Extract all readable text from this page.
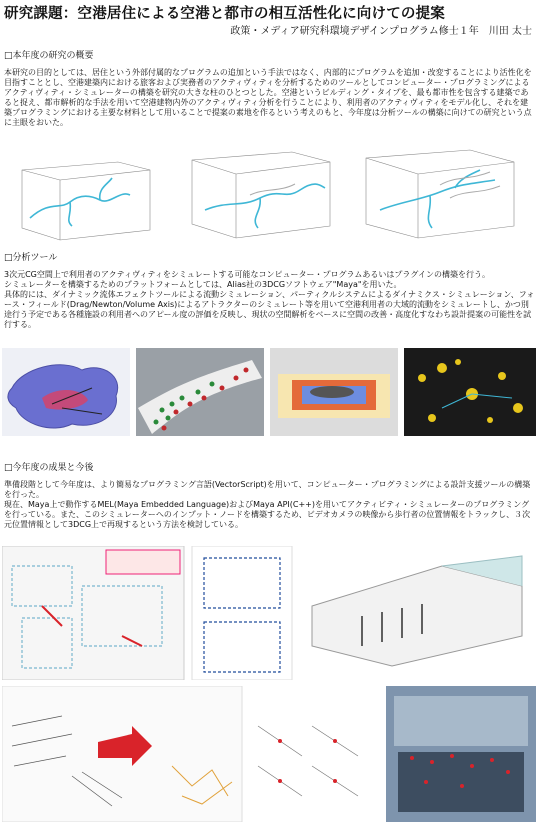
研究課題：空港居住による空港と都市の相互活性化に向けての提案
政策・メディア研究科環境デザインプログラム修士１年　川田 太士
□本年度の研究の概要

本研究の目的としては、居住という外部付属的なプログラムの追加という手法ではなく、内部的にプログラムを追加・改変することにより活性化を目指すこととし、空港建築内における旅客および実務者のアクティヴィティを分析するためのツールとしてコンピューター・プログラミングによるアクティヴィティ・シミュレーターの構築を研究の大きな柱のひとつとした。空港というビルディング・タイプを、最も都市性を包含する建築であると捉え、都市解析的な手法を用いて空港建物内外のアクティヴィティ分析を行うことにより、利用者のアクティヴィティをモデル化し、それを建築プログラミングにおける主要な材料として用いることで提案の素地を作るという考えのもと、今年度は分析ツールの構築に向けての研究という点に主眼をおいた。

□分析ツール

3次元CG空間上で利用者のアクティヴィティをシミュレートする可能なコンピューター・プログラムあるいはプラグインの構築を行う。

シミュレーターを構築するためのプラットフォームとしては、Alias社の3DCGソフトウェア"Maya"を用いた。

具体的には、ダイナミック流体エフェクトツールによる流動シミュレーション、パーティクルシステムによるダイナミクス・シミュレーション、フォース・フィールド(Drag/Newton/Volume Axis)によるアトラクターのシミュレート等を用いて空港利用者の大域的流動をシミュレートし、かつ別途行う予定である各種施設の利用者へのアピール度の評価を反映し、現状の空間解析をベースに空間の改善・高度化すなわち設計提案の可能性を試行する。

□今年度の成果と今後

準備段階として今年度は、より簡易なプログラミング言語(VectorScript)を用いて、コンピューター・プログラミングによる設計支援ツールの構築を行った。

現在、Maya上で動作するMEL(Maya Embedded Language)およびMaya API(C++)を用いてアクティビティ・シミュレーターのプログラミングを行っている。また、このシミュレーターへのインプット・ノードを構築するため、ビデオカメラの映像から歩行者の位置情報をトラックし、３次元位置情報として3DCG上で再現するという方法を検討している。
